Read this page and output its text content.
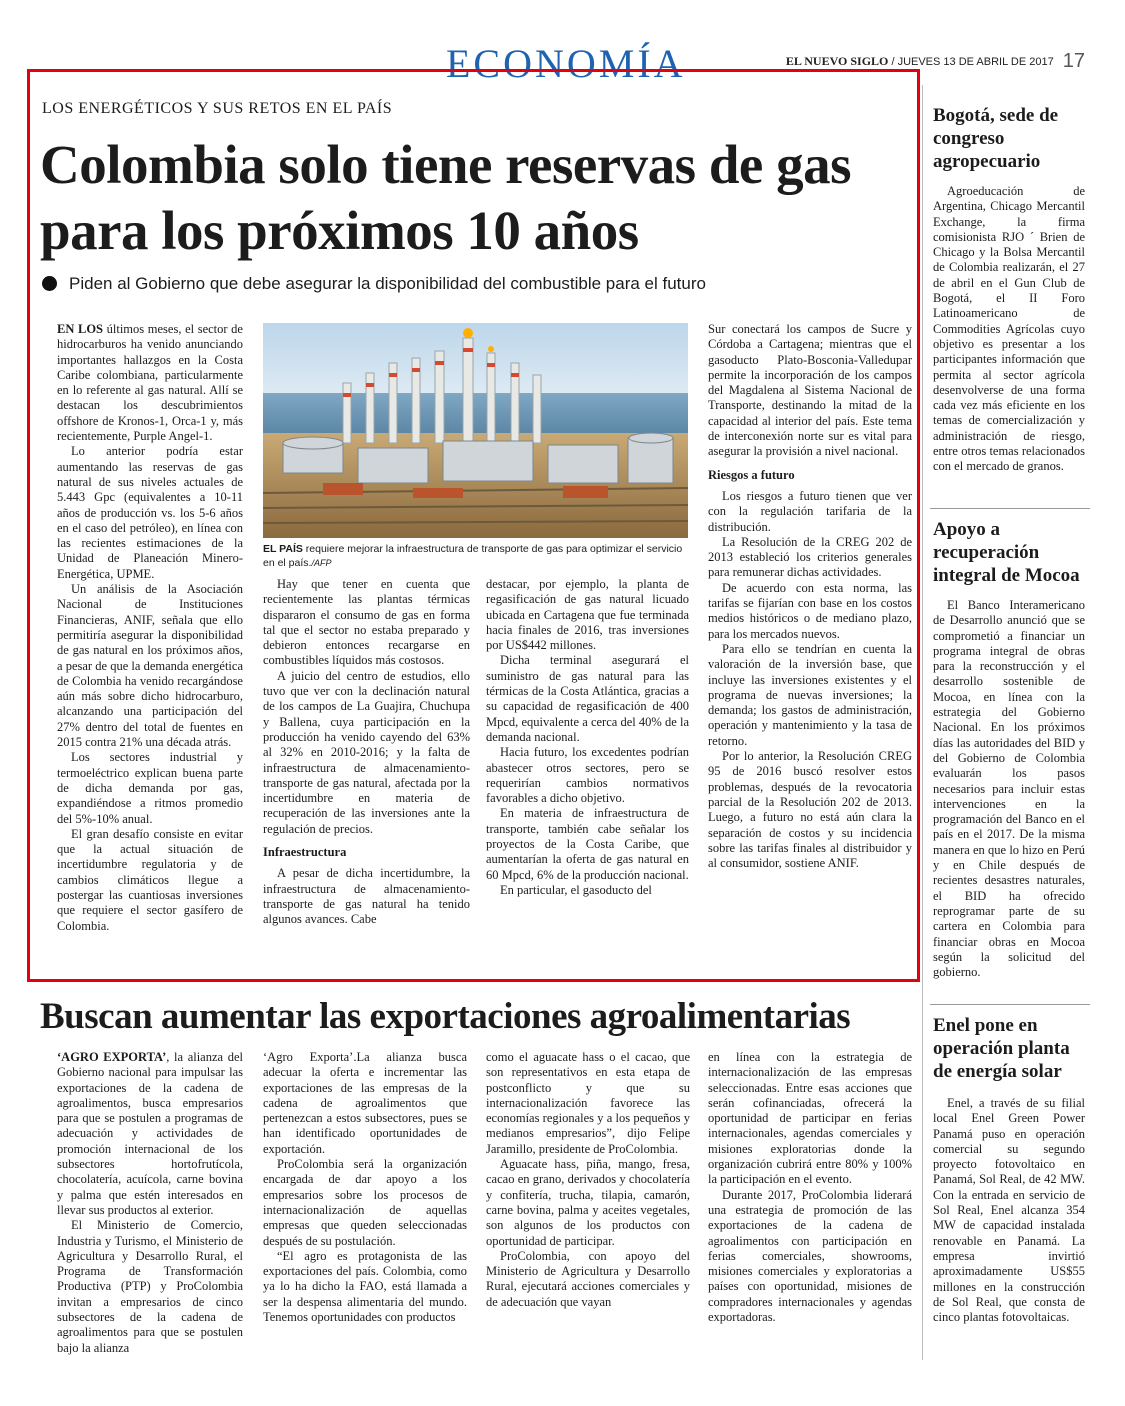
ECONOMÍA	EL NUEVO SIGLO / JUEVES 13 DE ABRIL DE 2017 17
LOS ENERGÉTICOS Y SUS RETOS EN EL PAÍS
Colombia solo tiene reservas de gas para los próximos 10 años
Piden al Gobierno que debe asegurar la disponibilidad del combustible para el futuro

EN LOS últimos meses, el sector de hidrocarburos ha venido anunciando importantes hallazgos en la Costa Caribe colombiana, particularmente en lo referente al gas natural. Allí se destacan los descubrimientos offshore de Kronos-1, Orca-1 y, más recientemente, Purple Angel-1.

Lo anterior podría estar aumentando las reservas de gas natural de sus niveles actuales de 5.443 Gpc (equivalentes a 10-11 años de producción vs. los 5-6 años en el caso del petróleo), en línea con las recientes estimaciones de la Unidad de Planeación Minero-Energética, UPME.

Un análisis de la Asociación Nacional de Instituciones Financieras, ANIF, señala que ello permitiría asegurar la disponibilidad de gas natural en los próximos años, a pesar de que la demanda energética de Colombia ha venido recargándose aún más sobre dicho hidrocarburo, alcanzando una participación del 27% dentro del total de fuentes en 2015 contra 21% una década atrás.

Los sectores industrial y termoeléctrico explican buena parte de dicha demanda por gas, expandiéndose a ritmos promedio del 5%-10% anual.

El gran desafío consiste en evitar que la actual situación de incertidumbre regulatoria y de cambios climáticos llegue a postergar las cuantiosas inversiones que requiere el sector gasífero de Colombia.

EL PAÍS requiere mejorar la infraestructura de transporte de gas para optimizar el servicio en el país./AFP

Hay que tener en cuenta que recientemente las plantas térmicas dispararon el consumo de gas en forma tal que el sector no estaba preparado y debieron entonces recargarse en combustibles líquidos más costosos.

A juicio del centro de estudios, ello tuvo que ver con la declinación natural de los campos de La Guajira, Chuchupa y Ballena, cuya participación en la producción ha venido cayendo del 63% al 32% en 2010-2016; y la falta de infraestructura de almacenamiento-transporte de gas natural, afectada por la incertidumbre en materia de recuperación de las inversiones ante la regulación de precios.

Infraestructura

A pesar de dicha incertidumbre, la infraestructura de almacenamiento-transporte de gas natural ha tenido algunos avances. Cabe

destacar, por ejemplo, la planta de regasificación de gas natural licuado ubicada en Cartagena que fue terminada hacia finales de 2016, tras inversiones por US$442 millones.

Dicha terminal asegurará el suministro de gas natural para las térmicas de la Costa Atlántica, gracias a su capacidad de regasificación de 400 Mpcd, equivalente a cerca del 40% de la demanda nacional.

Hacia futuro, los excedentes podrían abastecer otros sectores, pero se requerirían cambios normativos favorables a dicho objetivo.

En materia de infraestructura de transporte, también cabe señalar los proyectos de la Costa Caribe, que aumentarían la oferta de gas natural en 60 Mpcd, 6% de la producción nacional.

En particular, el gasoducto del

Sur conectará los campos de Sucre y Córdoba a Cartagena; mientras que el gasoducto Plato-Bosconia-Valledupar permite la incorporación de los campos del Magdalena al Sistema Nacional de Transporte, destinando la mitad de la capacidad al interior del país. Este tema de interconexión norte sur es vital para asegurar la provisión a nivel nacional.

Riesgos a futuro

Los riesgos a futuro tienen que ver con la regulación tarifaria de la distribución.

La Resolución de la CREG 202 de 2013 estableció los criterios generales para remunerar dichas actividades.

De acuerdo con esta norma, las tarifas se fijarían con base en los costos medios históricos o de mediano plazo, para los mercados nuevos.

Para ello se tendrían en cuenta la valoración de la inversión base, que incluye las inversiones existentes y el programa de nuevas inversiones; la demanda; los gastos de administración, operación y mantenimiento y la tasa de retorno.

Por lo anterior, la Resolución CREG 95 de 2016 buscó resolver estos problemas, después de la revocatoria parcial de la Resolución 202 de 2013. Luego, a futuro no está aún clara la separación de costos y su incidencia sobre las tarifas finales al distribuidor y al consumidor, sostiene ANIF.

Bogotá, sede de congreso agropecuario

Agroeducación de Argentina, Chicago Mercantil Exchange, la firma comisionista RJO ´ Brien de Chicago y la Bolsa Mercantil de Colombia realizarán, el 27 de abril en el Gun Club de Bogotá, el II Foro Latinoamericano de Commodities Agrícolas cuyo objetivo es presentar a los participantes información que permita al sector agrícola desenvolverse de una forma cada vez más eficiente en los temas de comercialización y administración de riesgo, entre otros temas relacionados con el mercado de granos.

Apoyo a recuperación integral de Mocoa

El Banco Interamericano de Desarrollo anunció que se comprometió a financiar un programa integral de obras para la reconstrucción y el desarrollo sostenible de Mocoa, en línea con la estrategia del Gobierno Nacional. En los próximos días las autoridades del BID y del Gobierno de Colombia evaluarán los pasos necesarios para incluir estas intervenciones en la programación del Banco en el país en el 2017. De la misma manera en que lo hizo en Perú y en Chile después de recientes desastres naturales, el BID ha ofrecido reprogramar parte de su cartera en Colombia para financiar obras en Mocoa según la solicitud del gobierno.

Enel pone en operación planta de energía solar

Enel, a través de su filial local Enel Green Power Panamá puso en operación comercial su segundo proyecto fotovoltaico en Panamá, Sol Real, de 42 MW. Con la entrada en servicio de Sol Real, Enel alcanza 354 MW de capacidad instalada renovable en Panamá. La empresa invirtió aproximadamente US$55 millones en la construcción de Sol Real, que consta de cinco plantas fotovoltaicas.

Buscan aumentar las exportaciones agroalimentarias

‘AGRO EXPORTA’, la alianza del Gobierno nacional para impulsar las exportaciones de la cadena de agroalimentos, busca empresarios para que se postulen a programas de adecuación y actividades de promoción internacional de los subsectores hortofrutícola, chocolatería, acuícola, carne bovina y palma que estén interesados en llevar sus productos al exterior.

El Ministerio de Comercio, Industria y Turismo, el Ministerio de Agricultura y Desarrollo Rural, el Programa de Transformación Productiva (PTP) y ProColombia invitan a empresarios de cinco subsectores de la cadena de agroalimentos para que se postulen bajo la alianza

‘Agro Exporta’.La alianza busca adecuar la oferta e incrementar las exportaciones de las empresas de la cadena de agroalimentos que pertenezcan a estos subsectores, pues se han identificado oportunidades de exportación.

ProColombia será la organización encargada de dar apoyo a los empresarios sobre los procesos de internacionalización de aquellas empresas que queden seleccionadas después de su postulación.

“El agro es protagonista de las exportaciones del país. Colombia, como ya lo ha dicho la FAO, está llamada a ser la despensa alimentaria del mundo. Tenemos oportunidades con productos

como el aguacate hass o el cacao, que son representativos en esta etapa de postconflicto y que su internacionalización favorece las economías regionales y a los pequeños y medianos empresarios”, dijo Felipe Jaramillo, presidente de ProColombia.

Aguacate hass, piña, mango, fresa, cacao en grano, derivados y chocolatería y confitería, trucha, tilapia, camarón, carne bovina, palma y aceites vegetales, son algunos de los productos con oportunidad de participar.

ProColombia, con apoyo del Ministerio de Agricultura y Desarrollo Rural, ejecutará acciones comerciales y de adecuación que vayan

en línea con la estrategia de internacionalización de las empresas seleccionadas. Entre esas acciones que serán cofinanciadas, ofrecerá la oportunidad de participar en ferias internacionales, agendas comerciales y misiones exploratorias donde la organización cubrirá entre 80% y 100% la participación en el evento.

Durante 2017, ProColombia liderará una estrategia de promoción de las exportaciones de la cadena de agroalimentos con participación en ferias comerciales, showrooms, misiones comerciales y exploratorias a países con oportunidad, misiones de compradores internacionales y agendas exportadoras.
